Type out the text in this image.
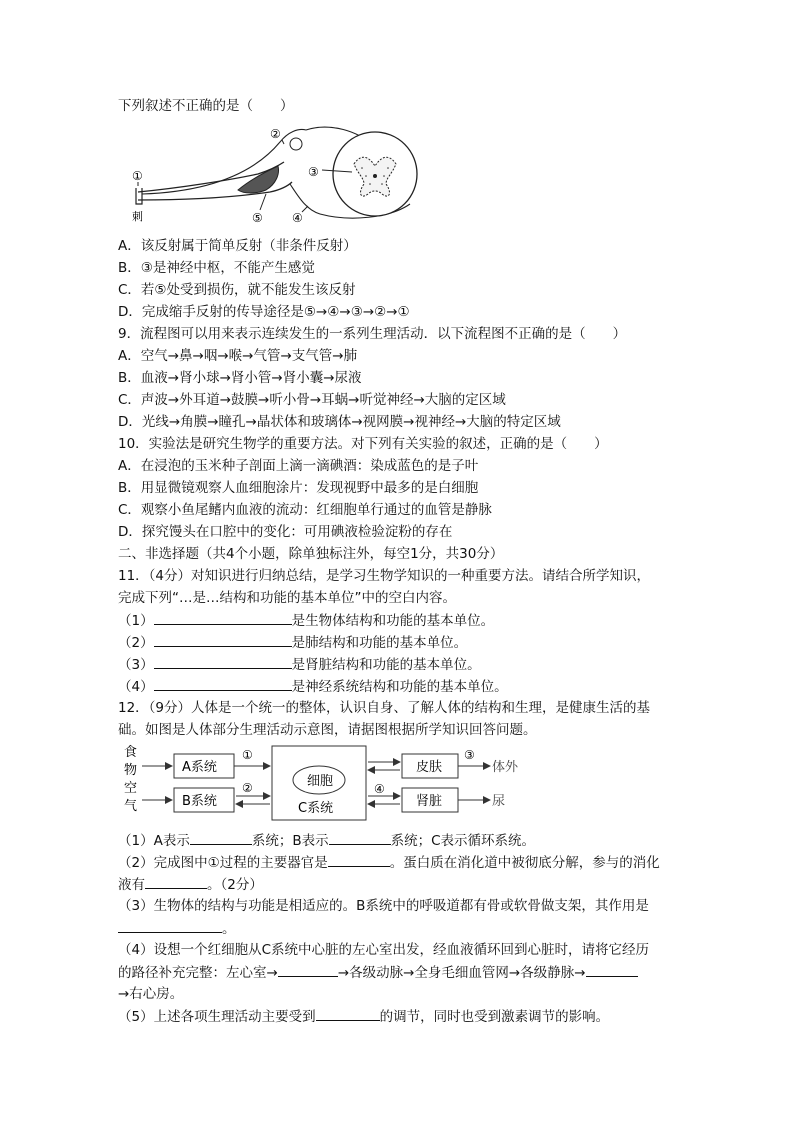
下列叙述不正确的是（　　）
①
刺
②
③
⑤ ④
A．该反射属于简单反射（非条件反射）
B．③是神经中枢，不能产生感觉
C．若⑤处受到损伤，就不能发生该反射
D．完成缩手反射的传导途径是⑤→④→③→②→①
9．流程图可以用来表示连续发生的一系列生理活动．以下流程图不正确的是（　　）
A．空气→鼻→咽→喉→气管→支气管→肺
B．血液→肾小球→肾小管→肾小囊→尿液
C．声波→外耳道→鼓膜→听小骨→耳蜗→听觉神经→大脑的定区域
D．光线→角膜→瞳孔→晶状体和玻璃体→视网膜→视神经→大脑的特定区域
10．实验法是研究生物学的重要方法。对下列有关实验的叙述，正确的是（　　）
A．在浸泡的玉米种子剖面上滴一滴碘酒：染成蓝色的是子叶
B．用显微镜观察人血细胞涂片：发现视野中最多的是白细胞
C．观察小鱼尾鳍内血液的流动：红细胞单行通过的血管是静脉
D．探究馒头在口腔中的变化：可用碘液检验淀粉的存在
二、非选择题（共4个小题，除单独标注外，每空1分，共30分）
11．（4分）对知识进行归纳总结，是学习生物学知识的一种重要方法。请结合所学知识，
完成下列“…是…结构和功能的基本单位”中的空白内容。
（1）	是生物体结构和功能的基本单位。
（2）	是肺结构和功能的基本单位。
（3）	是肾脏结构和功能的基本单位。
（4）	是神经系统结构和功能的基本单位。
12．（9分）人体是一个统一的整体，认识自身、了解人体的结构和生理，是健康生活的基
础。如图是人体部分生理活动示意图，请据图根据所学知识回答问题。
食
物
空
气
A系统
B系统
①
②	细胞
C系统
④
皮肤
肾脏
③
体外
尿
（1）A表示	系统；B表示	系统；C表示循环系统。
（2）完成图中①过程的主要器官是	。蛋白质在消化道中被彻底分解，参与的消化
液有	。（2分）
（3）生物体的结构与功能是相适应的。B系统中的呼吸道都有骨或软骨做支架，其作用是
。
（4）设想一个红细胞从C系统中心脏的左心室出发，经血液循环回到心脏时，请将它经历
的路径补充完整：左心室→	→各级动脉→全身毛细血管网→各级静脉→
→右心房。
（5）上述各项生理活动主要受到	的调节，同时也受到激素调节的影响。
